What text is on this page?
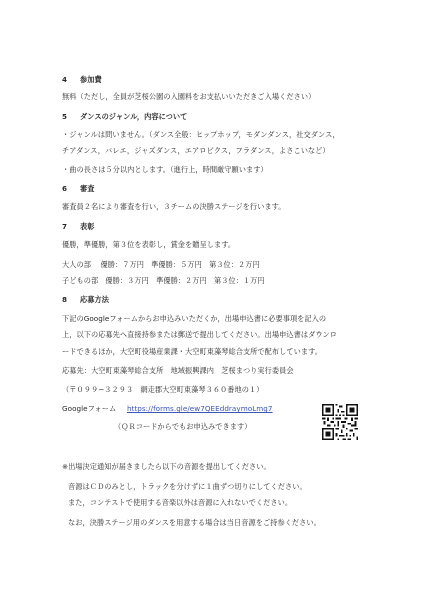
4 参加費
無料（ただし，全員が芝桜公園の入園料をお支払いいただきご入場ください）
5 ダンスのジャンル，内容について
・ジャンルは問いません。（ダンス全般：ヒップホップ，モダンダンス，社交ダンス，
チアダンス，バレエ，ジャズダンス，エアロビクス，フラダンス，よさこいなど）
・曲の長さは５分以内とします。（進行上，時間厳守願います）
6 審査
審査員２名により審査を行い，３チームの決勝ステージを行います。
7 表彰
優勝，準優勝，第３位を表彰し，賞金を贈呈します。
大人の部　 優勝：７万円　準優勝：５万円　第３位：２万円
子どもの部　優勝：３万円　準優勝：２万円　第３位：１万円
8 応募方法
下記のGoogleフォームからお申込みいただくか，出場申込書に必要事項を記入の
上，以下の応募先へ直接持参または郵送で提出してください。出場申込書はダウンロ
ードできるほか，大空町役場産業課・大空町東藻琴総合支所で配布しています。
応募先：大空町東藻琴総合支所　地域振興課内　芝桜まつり実行委員会
（〒０９９−３２９３　網走郡大空町東藻琴３６０番地の１）
Googleフォーム https://forms.gle/ew7QEEddraymoLmg7
（ＱＲコードからでもお申込みできます）
※出場決定通知が届きましたら以下の音源を提出してください。
音源はＣＤのみとし，トラックを分けずに１曲ずつ切りにしてください。
また，コンテストで使用する音楽以外は音源に入れないでください。
なお，決勝ステージ用のダンスを用意する場合は当日音源をご持参ください。
